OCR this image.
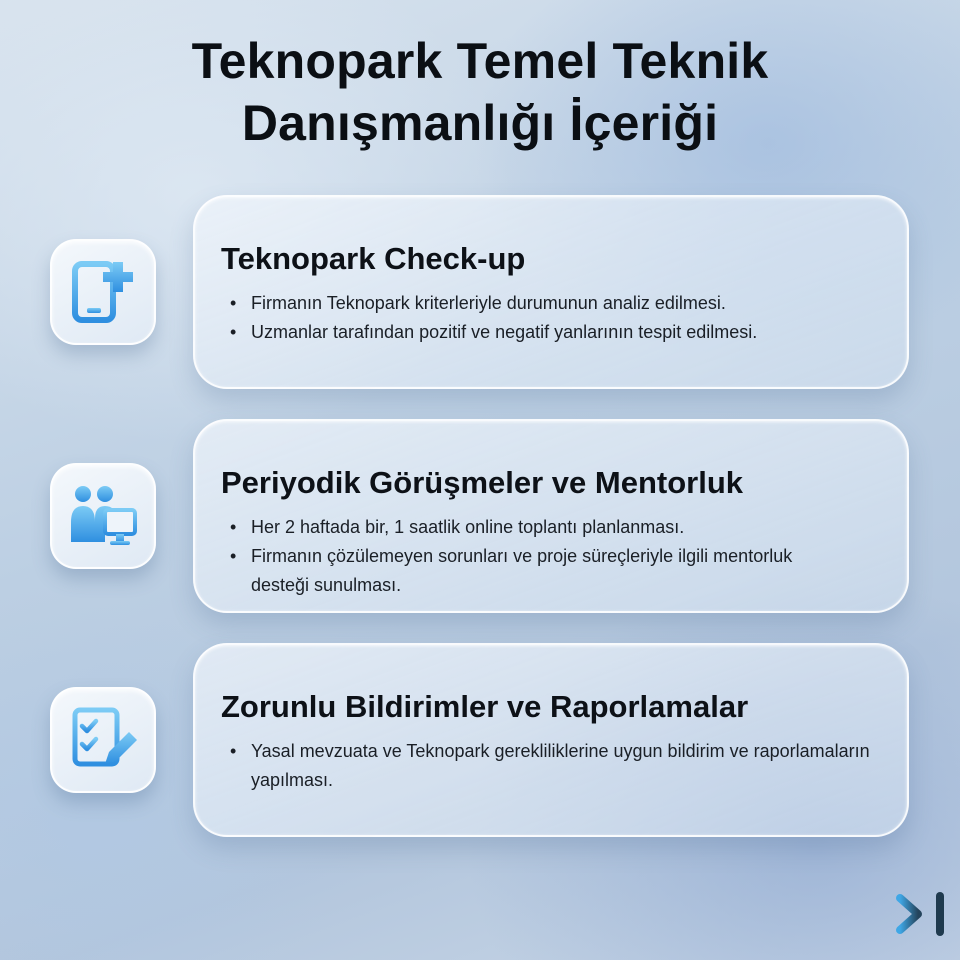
Teknopark Temel Teknik
Danışmanlığı İçeriği
Teknopark Check-up
• Firmanın Teknopark kriterleriyle durumunun analiz edilmesi.
• Uzmanlar tarafından pozitif ve negatif yanlarının tespit edilmesi.
Periyodik Görüşmeler ve Mentorluk
• Her 2 haftada bir, 1 saatlik online toplantı planlanması.
• Firmanın çözülemeyen sorunları ve proje süreçleriyle ilgili mentorluk desteği sunulması.
Zorunlu Bildirimler ve Raporlamalar
• Yasal mevzuata ve Teknopark gerekliliklerine uygun bildirim ve raporlamaların yapılması.
